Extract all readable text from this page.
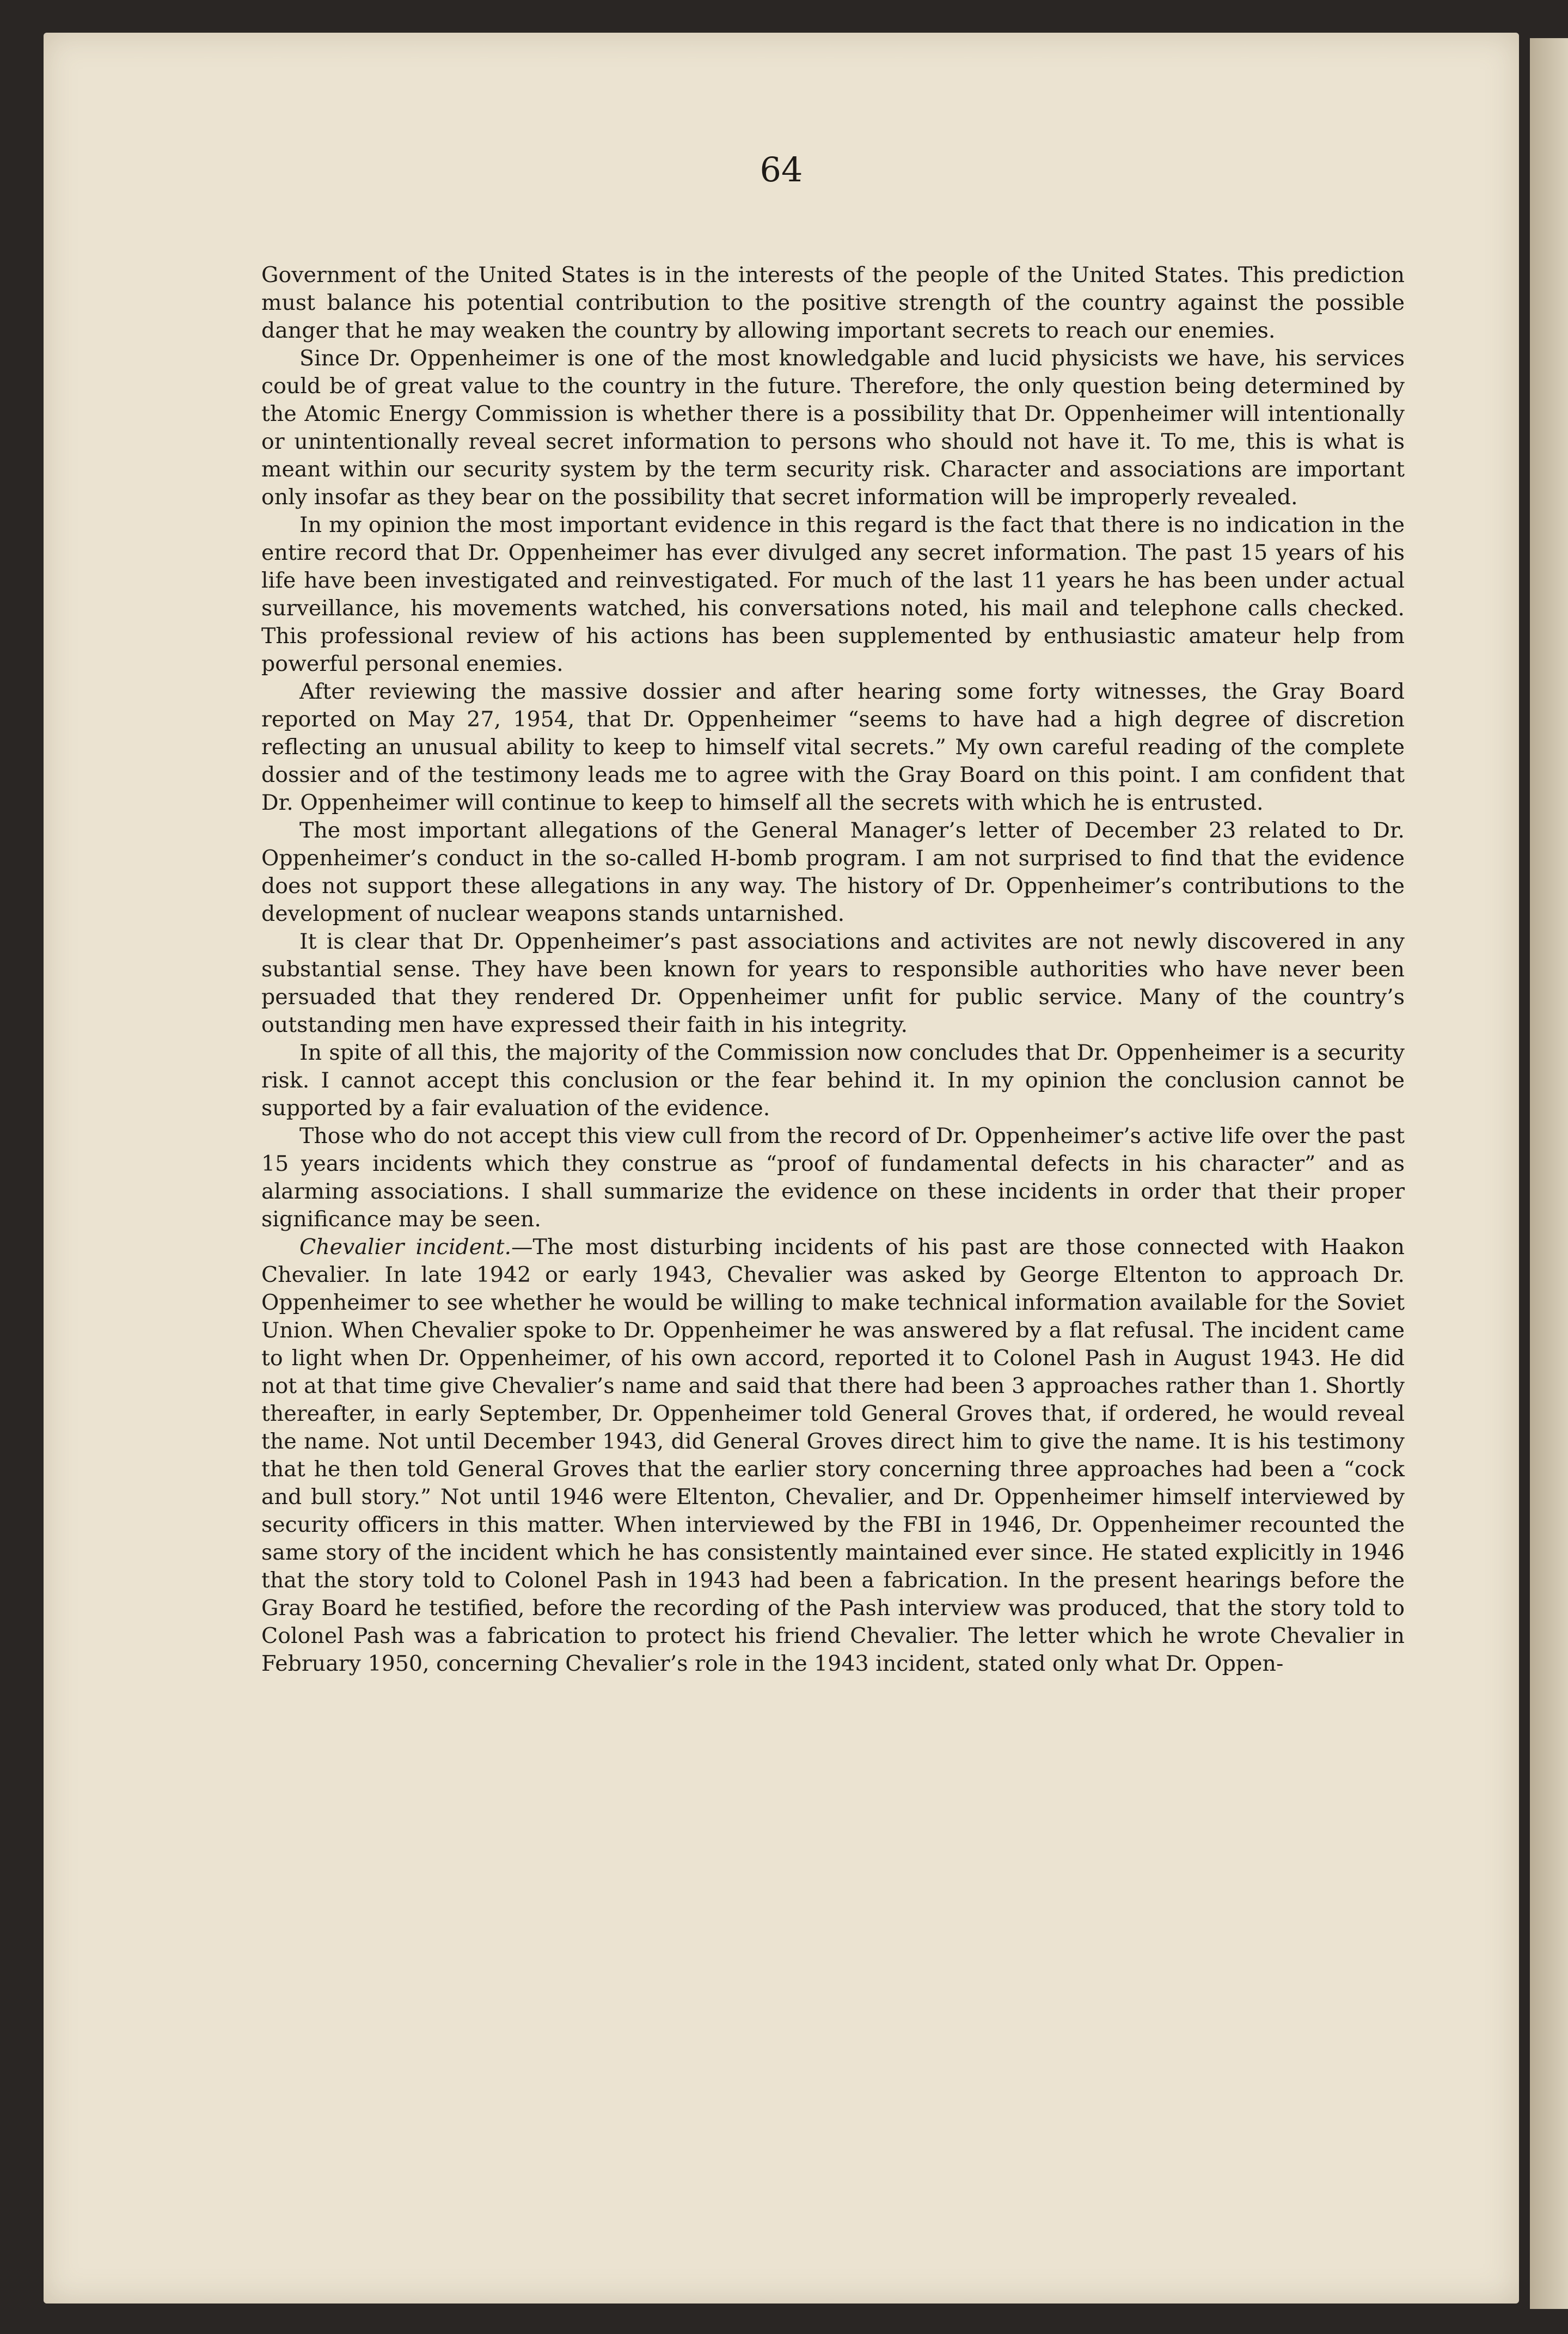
64

Government of the United States is in the interests of the people of the United States. This prediction must balance his potential contribution to the positive strength of the country against the possible danger that he may weaken the country by allowing important secrets to reach our enemies.

Since Dr. Oppenheimer is one of the most knowledgable and lucid physicists we have, his services could be of great value to the country in the future. Therefore, the only question being determined by the Atomic Energy Commission is whether there is a possibility that Dr. Oppenheimer will intentionally or unintentionally reveal secret information to persons who should not have it. To me, this is what is meant within our security system by the term security risk. Character and associations are important only insofar as they bear on the possibility that secret information will be improperly revealed.

In my opinion the most important evidence in this regard is the fact that there is no indication in the entire record that Dr. Oppenheimer has ever divulged any secret information. The past 15 years of his life have been investigated and reinvestigated. For much of the last 11 years he has been under actual surveillance, his movements watched, his conversations noted, his mail and telephone calls checked. This professional review of his actions has been supplemented by enthusiastic amateur help from powerful personal enemies.

After reviewing the massive dossier and after hearing some forty witnesses, the Gray Board reported on May 27, 1954, that Dr. Oppenheimer “seems to have had a high degree of discretion reflecting an unusual ability to keep to himself vital secrets.” My own careful reading of the complete dossier and of the testimony leads me to agree with the Gray Board on this point. I am confident that Dr. Oppenheimer will continue to keep to himself all the secrets with which he is entrusted.

The most important allegations of the General Manager’s letter of December 23 related to Dr. Oppenheimer’s conduct in the so-called H-bomb program. I am not surprised to find that the evidence does not support these allegations in any way. The history of Dr. Oppenheimer’s contributions to the development of nuclear weapons stands untarnished.

It is clear that Dr. Oppenheimer’s past associations and activites are not newly discovered in any substantial sense. They have been known for years to responsible authorities who have never been persuaded that they rendered Dr. Oppenheimer unfit for public service. Many of the country’s outstanding men have expressed their faith in his integrity.

In spite of all this, the majority of the Commission now concludes that Dr. Oppenheimer is a security risk. I cannot accept this conclusion or the fear behind it. In my opinion the conclusion cannot be supported by a fair evaluation of the evidence.

Those who do not accept this view cull from the record of Dr. Oppenheimer’s active life over the past 15 years incidents which they construe as “proof of fundamental defects in his character” and as alarming associations. I shall summarize the evidence on these incidents in order that their proper significance may be seen.

Chevalier incident.—The most disturbing incidents of his past are those connected with Haakon Chevalier. In late 1942 or early 1943, Chevalier was asked by George Eltenton to approach Dr. Oppenheimer to see whether he would be willing to make technical information available for the Soviet Union. When Chevalier spoke to Dr. Oppenheimer he was answered by a flat refusal. The incident came to light when Dr. Oppenheimer, of his own accord, reported it to Colonel Pash in August 1943. He did not at that time give Chevalier’s name and said that there had been 3 approaches rather than 1. Shortly thereafter, in early September, Dr. Oppenheimer told General Groves that, if ordered, he would reveal the name. Not until December 1943, did General Groves direct him to give the name. It is his testimony that he then told General Groves that the earlier story concerning three approaches had been a “cock and bull story.” Not until 1946 were Eltenton, Chevalier, and Dr. Oppenheimer himself interviewed by security officers in this matter. When interviewed by the FBI in 1946, Dr. Oppenheimer recounted the same story of the incident which he has consistently maintained ever since. He stated explicitly in 1946 that the story told to Colonel Pash in 1943 had been a fabrication. In the present hearings before the Gray Board he testified, before the recording of the Pash interview was produced, that the story told to Colonel Pash was a fabrication to protect his friend Chevalier. The letter which he wrote Chevalier in February 1950, concerning Chevalier’s role in the 1943 incident, stated only what Dr. Oppen-
